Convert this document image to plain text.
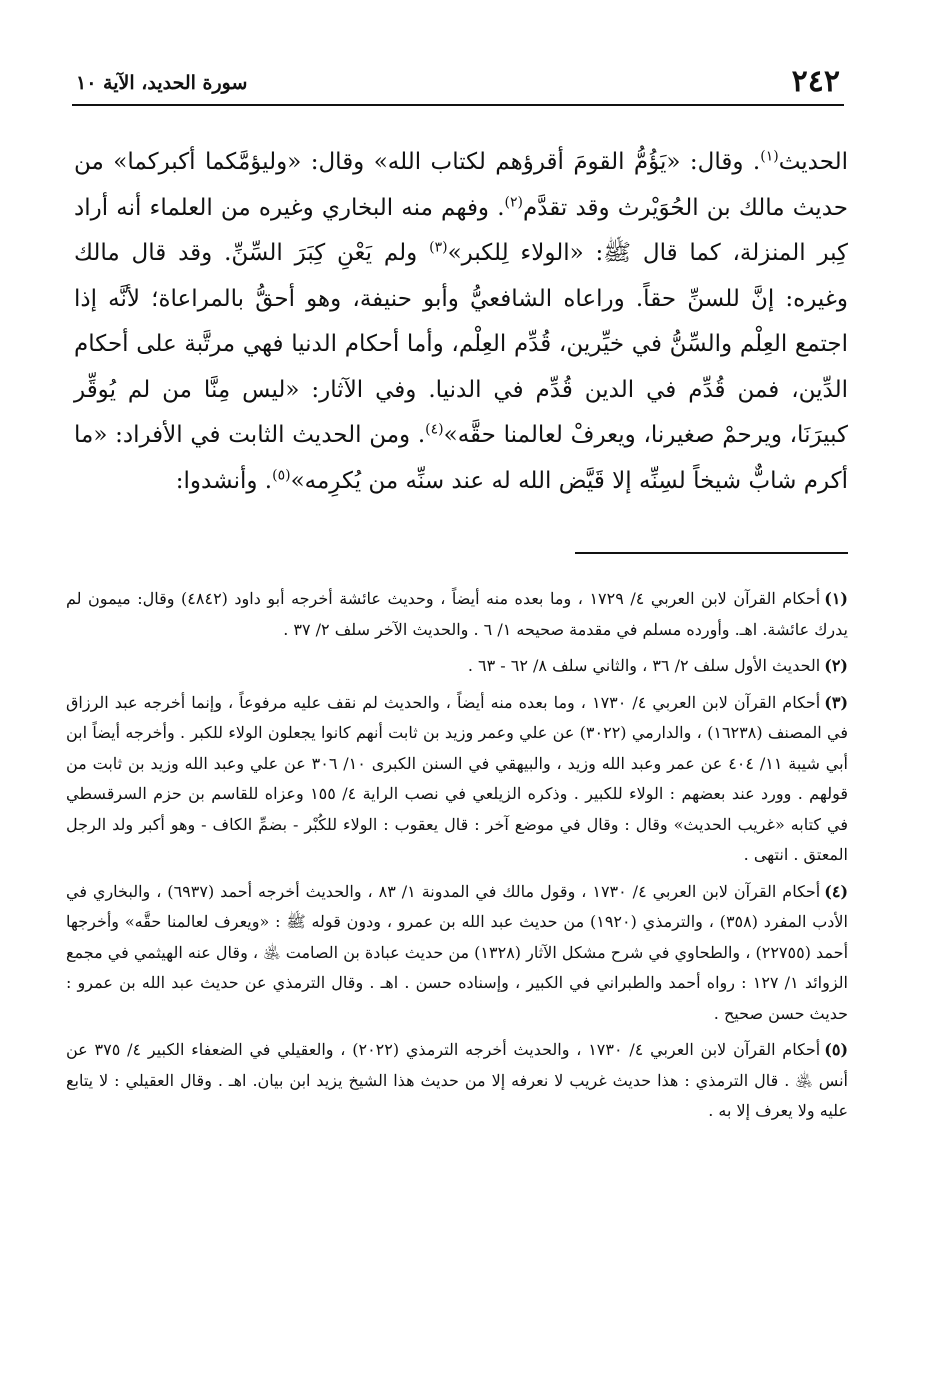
٢٤٢
سورة الحديد، الآية ١٠

الحديث$^{(١)}$. وقال: «يَؤُمُّ القومَ أقرؤهم لكتاب الله» وقال: «وليؤمَّكما أكبركما» من حديث مالك بن الحُوَيْرث وقد تقدَّم$^{(٢)}$. وفهم منه البخاري وغيره من العلماء أنه أراد كِبر المنزلة، كما قال ﷺ: «الولاء لِلكبر»$^{(٣)}$ ولم يَعْنِ كِبَرَ السِّنِّ. وقد قال مالك وغيره: إنَّ للسنِّ حقاً. وراعاه الشافعيُّ وأبو حنيفة، وهو أحقُّ بالمراعاة؛ لأنَّه إذا اجتمع العِلْم والسِّنُّ في خيِّرين، قُدِّم العِلْم، وأما أحكام الدنيا فهي مرتَّبة على أحكام الدِّين، فمن قُدِّم في الدين قُدِّم في الدنيا. وفي الآثار: «ليس مِنَّا من لم يُوقِّر كبيرَنَا، ويرحمْ صغيرنا، ويعرفْ لعالمنا حقَّه»$^{(٤)}$. ومن الحديث الثابت في الأفراد: «ما أكرم شابٌّ شيخاً لسِنِّه إلا قَيَّض الله له عند سنِّه من يُكرِمه»$^{(٥)}$. وأنشدوا:

(١)أحكام القرآن لابن العربي ٤/ ١٧٢٩ ، وما بعده منه أيضاً ، وحديث عائشة أخرجه أبو داود (٤٨٤٢) وقال: ميمون لم يدرك عائشة. اهـ. وأورده مسلم في مقدمة صحيحه ١/ ٦ . والحديث الآخر سلف ٢/ ٣٧ .

(٢)الحديث الأول سلف ٢/ ٣٦ ، والثاني سلف ٨/ ٦٢ - ٦٣ .

(٣)أحكام القرآن لابن العربي ٤/ ١٧٣٠ ، وما بعده منه أيضاً ، والحديث لم نقف عليه مرفوعاً ، وإنما أخرجه عبد الرزاق في المصنف (١٦٢٣٨) ، والدارمي (٣٠٢٢) عن علي وعمر وزيد بن ثابت أنهم كانوا يجعلون الولاء للكبر . وأخرجه أيضاً ابن أبي شيبة ١١/ ٤٠٤ عن عمر وعبد الله وزيد ، والبيهقي في السنن الكبرى ١٠/ ٣٠٦ عن علي وعبد الله وزيد بن ثابت من قولهم . وورد عند بعضهم : الولاء للكبير . وذكره الزيلعي في نصب الراية ٤/ ١٥٥ وعزاه للقاسم بن حزم السرقسطي في كتابه «غريب الحديث» وقال : وقال في موضع آخر : قال يعقوب : الولاء للكُبْر - بضمِّ الكاف - وهو أكبر ولد الرجل المعتق . انتهى .

(٤)أحكام القرآن لابن العربي ٤/ ١٧٣٠ ، وقول مالك في المدونة ١/ ٨٣ ، والحديث أخرجه أحمد (٦٩٣٧) ، والبخاري في الأدب المفرد (٣٥٨) ، والترمذي (١٩٢٠) من حديث عبد الله بن عمرو ، ودون قوله ﷺ : «ويعرف لعالمنا حقَّه» وأخرجها أحمد (٢٢٧٥٥) ، والطحاوي في شرح مشكل الآثار (١٣٢٨) من حديث عبادة بن الصامت ﵁ ، وقال عنه الهيثمي في مجمع الزوائد ١/ ١٢٧ : رواه أحمد والطبراني في الكبير ، وإسناده حسن . اهـ . وقال الترمذي عن حديث عبد الله بن عمرو : حديث حسن صحيح .

(٥)أحكام القرآن لابن العربي ٤/ ١٧٣٠ ، والحديث أخرجه الترمذي (٢٠٢٢) ، والعقيلي في الضعفاء الكبير ٤/ ٣٧٥ عن أنس ﵁ . قال الترمذي : هذا حديث غريب لا نعرفه إلا من حديث هذا الشيخ يزيد ابن بيان. اهـ . وقال العقيلي : لا يتابع عليه ولا يعرف إلا به .
